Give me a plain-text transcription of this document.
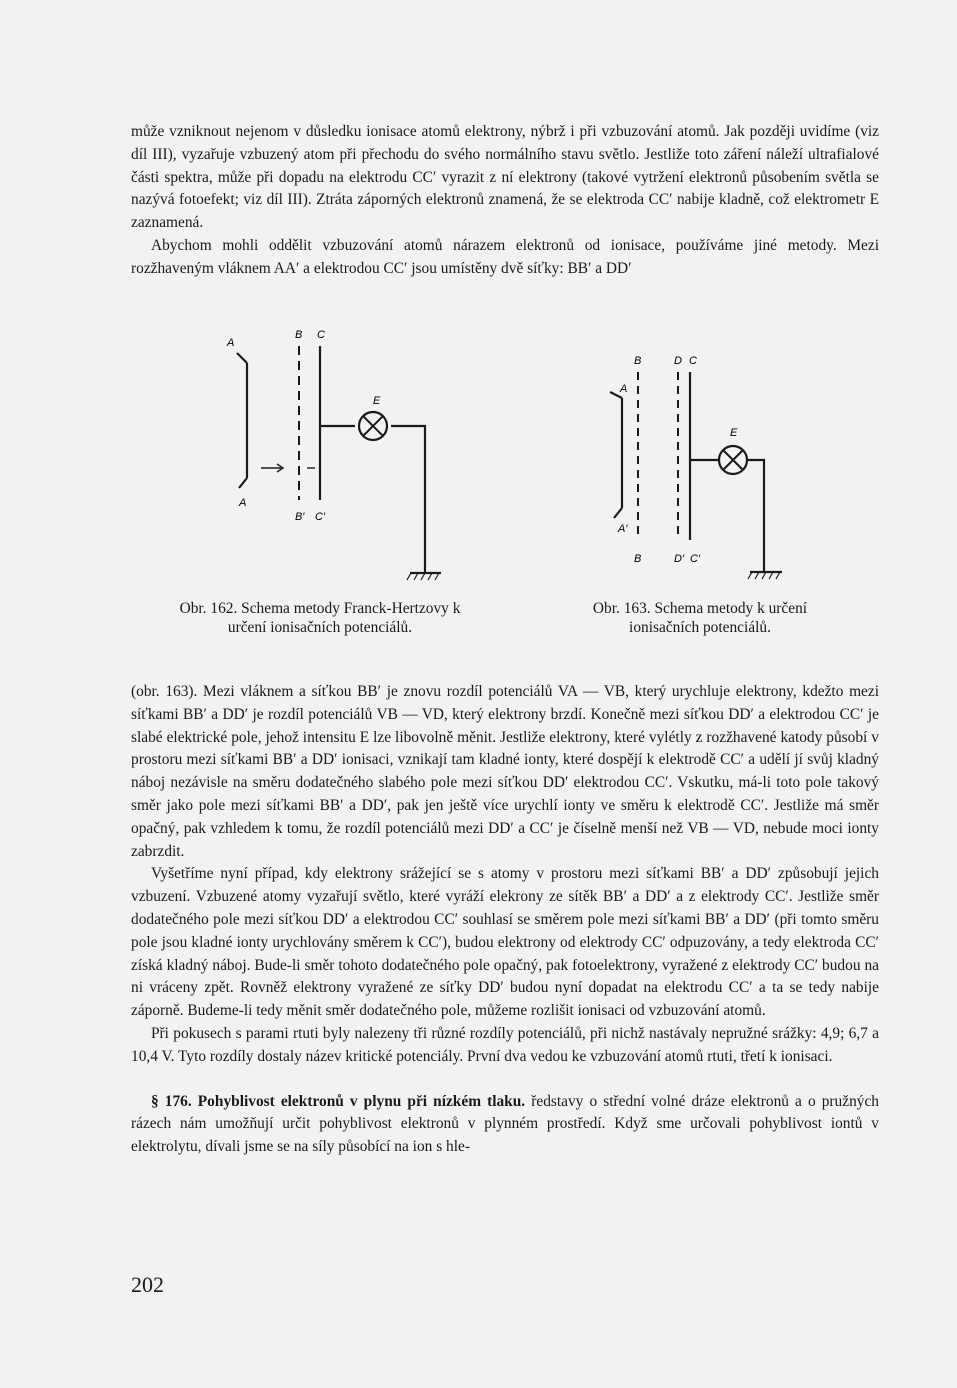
může vzniknout nejenom v důsledku ionisace atomů elektrony, nýbrž i při vzbuzování atomů. Jak později uvidíme (viz díl III), vyzařuje vzbuzený atom při přechodu do svého normálního stavu světlo. Jestliže toto záření náleží ultrafialové části spektra, může při dopadu na elektrodu CC′ vyrazit z ní elektrony (takové vytržení elektronů působením světla se nazývá fotoefekt; viz díl III). Ztráta záporných elektronů znamená, že se elektroda CC′ nabije kladně, což elektrometr E zaznamená.

Abychom mohli oddělit vzbuzování atomů nárazem elektronů od ionisace, používáme jiné metody. Mezi rozžhaveným vláknem AA′ a elektrodou CC′ jsou umístěny dvě síťky: BB′ a DD′

A
B C
E
A
B′ C′
A
B	D C
E
A′
B	D′ C′
Obr. 162. Schema metody Franck-Hertzovy k určení ionisačních potenciálů.
Obr. 163. Schema metody k určení ionisačních potenciálů.

(obr. 163). Mezi vláknem a síťkou BB′ je znovu rozdíl potenciálů VA — VB, který urychluje elektrony, kdežto mezi síťkami BB′ a DD′ je rozdíl potenciálů VB — VD, který elektrony brzdí. Konečně mezi síťkou DD′ a elektrodou CC′ je slabé elektrické pole, jehož intensitu E lze libovolně měnit. Jestliže elektrony, které vylétly z rozžhavené katody působí v prostoru mezi síťkami BB′ a DD′ ionisaci, vznikají tam kladné ionty, které dospějí k elektrodě CC′ a udělí jí svůj kladný náboj nezávisle na směru dodatečného slabého pole mezi síťkou DD′ elektrodou CC′. Vskutku, má-li toto pole takový směr jako pole mezi síťkami BB′ a DD′, pak jen ještě více urychlí ionty ve směru k elektrodě CC′. Jestliže má směr opačný, pak vzhledem k tomu, že rozdíl potenciálů mezi DD′ a CC′ je číselně menší než VB — VD, nebude moci ionty zabrzdit.

Vyšetříme nyní případ, kdy elektrony srážející se s atomy v prostoru mezi síťkami BB′ a DD′ způsobují jejich vzbuzení. Vzbuzené atomy vyzařují světlo, které vyráží elekrony ze sítěk BB′ a DD′ a z elektrody CC′. Jestliže směr dodatečného pole mezi síťkou DD′ a elektrodou CC′ souhlasí se směrem pole mezi síťkami BB′ a DD′ (při tomto směru pole jsou kladné ionty urychlovány směrem k CC′), budou elektrony od elektrody CC′ odpuzovány, a tedy elektroda CC′ získá kladný náboj. Bude-li směr tohoto dodatečného pole opačný, pak fotoelektrony, vyražené z elektrody CC′ budou na ni vráceny zpět. Rovněž elektrony vyražené ze síťky DD′ budou nyní dopadat na elektrodu CC′ a ta se tedy nabije záporně. Budeme-li tedy měnit směr dodatečného pole, můžeme rozlišit ionisaci od vzbuzování atomů.

Při pokusech s parami rtuti byly nalezeny tři různé rozdíly potenciálů, při nichž nastávaly nepružné srážky: 4,9; 6,7 a 10,4 V. Tyto rozdíly dostaly název kritické potenciály. První dva vedou ke vzbuzování atomů rtuti, třetí k ionisaci.

§ 176. Pohyblivost elektronů v plynu při nízkém tlaku. ředstavy o střední volné dráze elektronů a o pružných rázech nám umožňují určit pohyblivost elektronů v plynném prostředí. Když sme určovali pohyblivost iontů v elektrolytu, dívali jsme se na síly působící na ion s hle-

202
